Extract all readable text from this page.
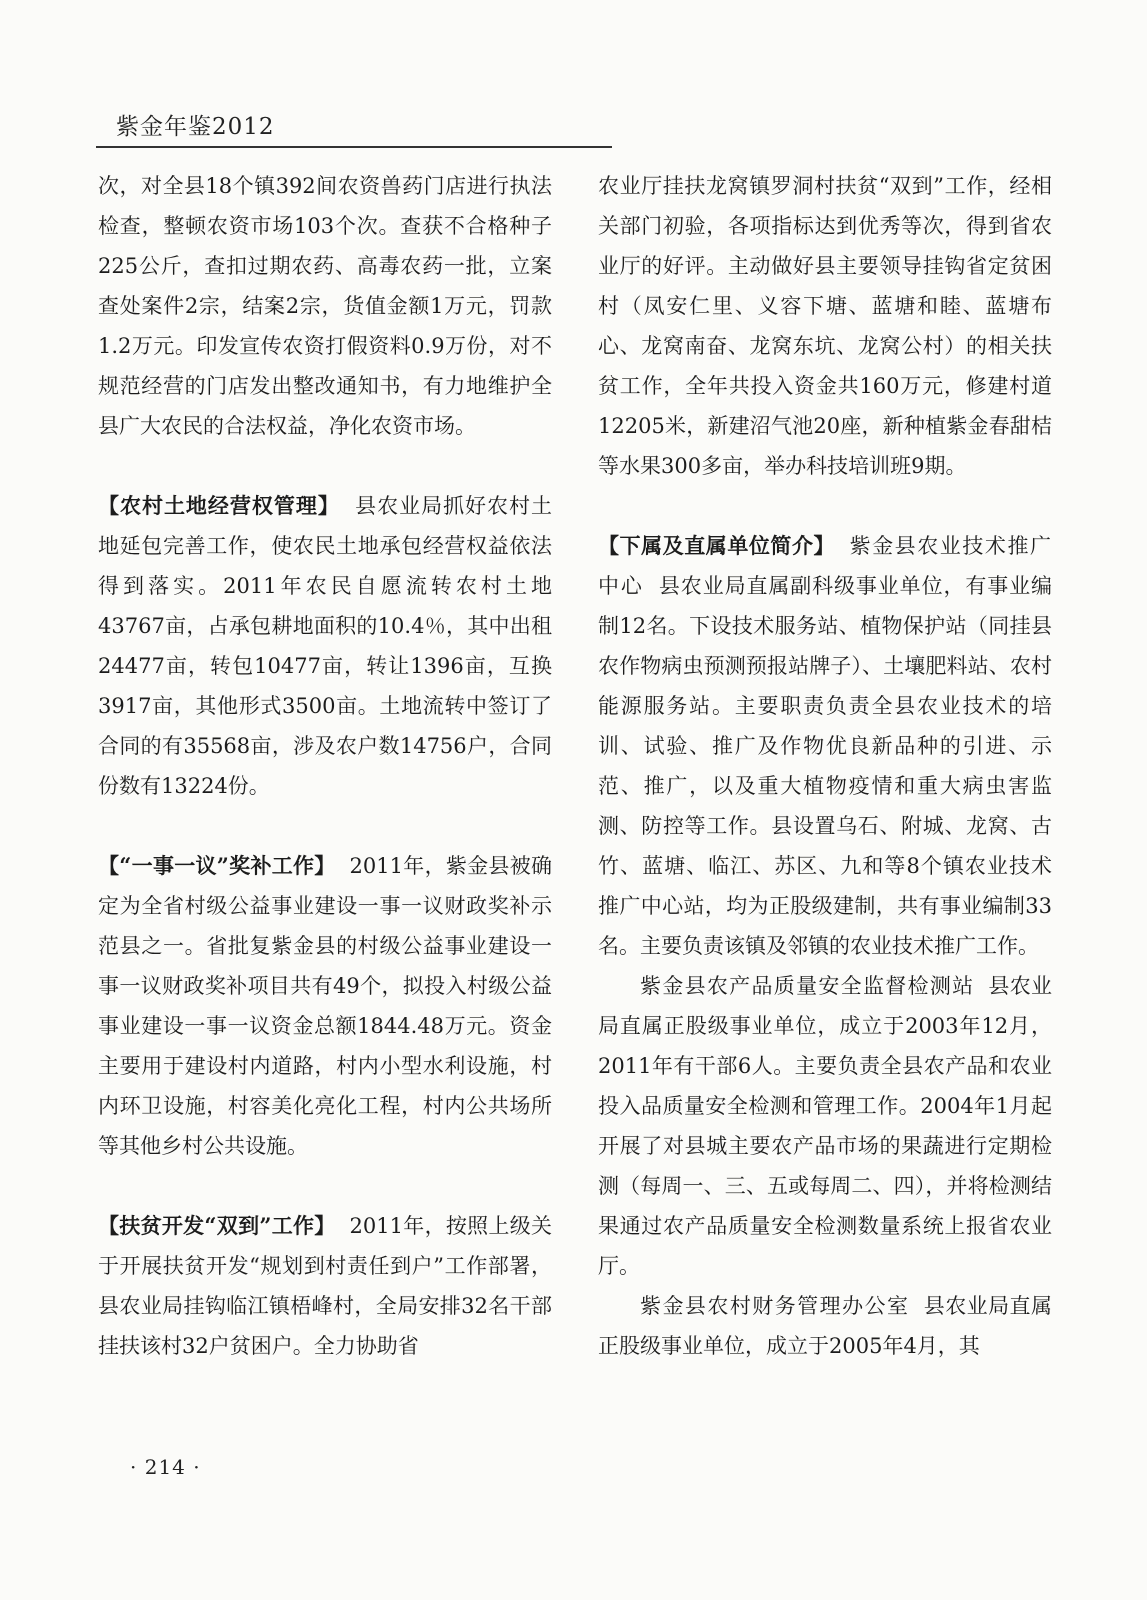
紫金年鉴2012

次，对全县18个镇392间农资兽药门店进行执法检查，整顿农资市场103个次。查获不合格种子225公斤，查扣过期农药、高毒农药一批，立案查处案件2宗，结案2宗，货值金额1万元，罚款1.2万元。印发宣传农资打假资料0.9万份，对不规范经营的门店发出整改通知书，有力地维护全县广大农民的合法权益，净化农资市场。

【农村土地经营权管理】 县农业局抓好农村土地延包完善工作，使农民土地承包经营权益依法得到落实。2011年农民自愿流转农村土地43767亩，占承包耕地面积的10.4％，其中出租24477亩，转包10477亩，转让1396亩，互换3917亩，其他形式3500亩。土地流转中签订了合同的有35568亩，涉及农户数14756户，合同份数有13224份。

【“一事一议”奖补工作】 2011年，紫金县被确定为全省村级公益事业建设一事一议财政奖补示范县之一。省批复紫金县的村级公益事业建设一事一议财政奖补项目共有49个，拟投入村级公益事业建设一事一议资金总额1844.48万元。资金主要用于建设村内道路，村内小型水利设施，村内环卫设施，村容美化亮化工程，村内公共场所等其他乡村公共设施。

【扶贫开发“双到”工作】 2011年，按照上级关于开展扶贫开发“规划到村责任到户”工作部署，县农业局挂钩临江镇梧峰村，全局安排32名干部挂扶该村32户贫困户。全力协助省

农业厅挂扶龙窝镇罗洞村扶贫“双到”工作，经相关部门初验，各项指标达到优秀等次，得到省农业厅的好评。主动做好县主要领导挂钩省定贫困村（凤安仁里、义容下塘、蓝塘和睦、蓝塘布心、龙窝南奋、龙窝东坑、龙窝公村）的相关扶贫工作，全年共投入资金共160万元，修建村道12205米，新建沼气池20座，新种植紫金春甜桔等水果300多亩，举办科技培训班9期。

【下属及直属单位简介】 紫金县农业技术推广中心 县农业局直属副科级事业单位，有事业编制12名。下设技术服务站、植物保护站（同挂县农作物病虫预测预报站牌子）、土壤肥料站、农村能源服务站。主要职责负责全县农业技术的培训、试验、推广及作物优良新品种的引进、示范、推广，以及重大植物疫情和重大病虫害监测、防控等工作。县设置乌石、附城、龙窝、古竹、蓝塘、临江、苏区、九和等8个镇农业技术推广中心站，均为正股级建制，共有事业编制33名。主要负责该镇及邻镇的农业技术推广工作。

紫金县农产品质量安全监督检测站 县农业局直属正股级事业单位，成立于2003年12月，2011年有干部6人。主要负责全县农产品和农业投入品质量安全检测和管理工作。2004年1月起开展了对县城主要农产品市场的果蔬进行定期检测（每周一、三、五或每周二、四），并将检测结果通过农产品质量安全检测数量系统上报省农业厅。

紫金县农村财务管理办公室 县农业局直属正股级事业单位，成立于2005年4月，其

· 214 ·
